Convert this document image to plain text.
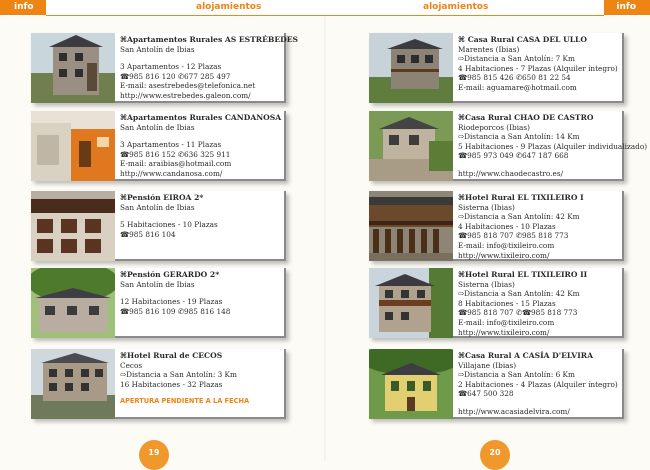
info	alojamientos	alojamientos	info
⌘Apartamentos Rurales AS ESTRÉBEDES
San Antolín de Ibias
3 Apartamentos - 12 Plazas
☎985 816 120 ✆677 285 497
E-mail: asestrebedes@telefonica.net
http://www.estrebedes.galeon.com/
⌘Apartamentos Rurales CANDANOSA
San Antolín de Ibias
3 Apartamentos - 11 Plazas
☎985 816 152 ✆636 325 911
E-mail: araibias@hotmail.com
http://www.candanosa.com/
⌘Pensión EIROA 2*
San Antolín de Ibias
5 Habitaciones - 10 Plazas
☎985 816 104
⌘Pensión GERARDO 2*
San Antolín de Ibias
12 Habitaciones - 19 Plazas
☎985 816 109 ✆985 816 148
⌘Hotel Rural de CECOS
Cecos
⇨Distancia a San Antolín: 3 Km
16 Habitaciones - 32 Plazas
APERTURA PENDIENTE A LA FECHA
⌘ Casa Rural CASA DEL ULLO
Marentes (Ibias)
⇨Distancia a San Antolín: 7 Km
4 Habitaciones - 7 Plazas (Alquiler íntegro)
☎985 815 426 ✆650 81 22 54
E-mail: aguamare@hotmail.com
⌘Casa Rural CHAO DE CASTRO
Riodeporcos (Ibias)
⇨Distancia a San Antolín: 14 Km
5 Habitaciones - 9 Plazas (Alquiler individualizado)
☎985 973 049 ✆647 187 668
http://www.chaodecastro.es/
⌘Hotel Rural EL TIXILEIRO I
Sisterna (Ibias)
⇨Distancia a San Antolín: 42 Km
4 Habitaciones - 10 Plazas
☎985 818 707 ✆985 818 773
E-mail: info@tixileiro.com
http://www.tixileiro.com/
⌘Hotel Rural EL TIXILEIRO II
Sisterna (Ibias)
⇨Distancia a San Antolín: 42 Km
8 Habitaciones - 15 Plazas
☎985 818 707 ✆☎985 818 773
E-mail: info@tixileiro.com
http://www.tixileiro.com/
⌘Casa Rural A CASÍA D'ELVIRA
Villajane (Ibias)
⇨Distancia a San Antolín: 6 Km
2 Habitaciones - 4 Plazas (Alquiler íntegro)
☎647 500 328
http://www.acasiadelvira.com/
19	20
